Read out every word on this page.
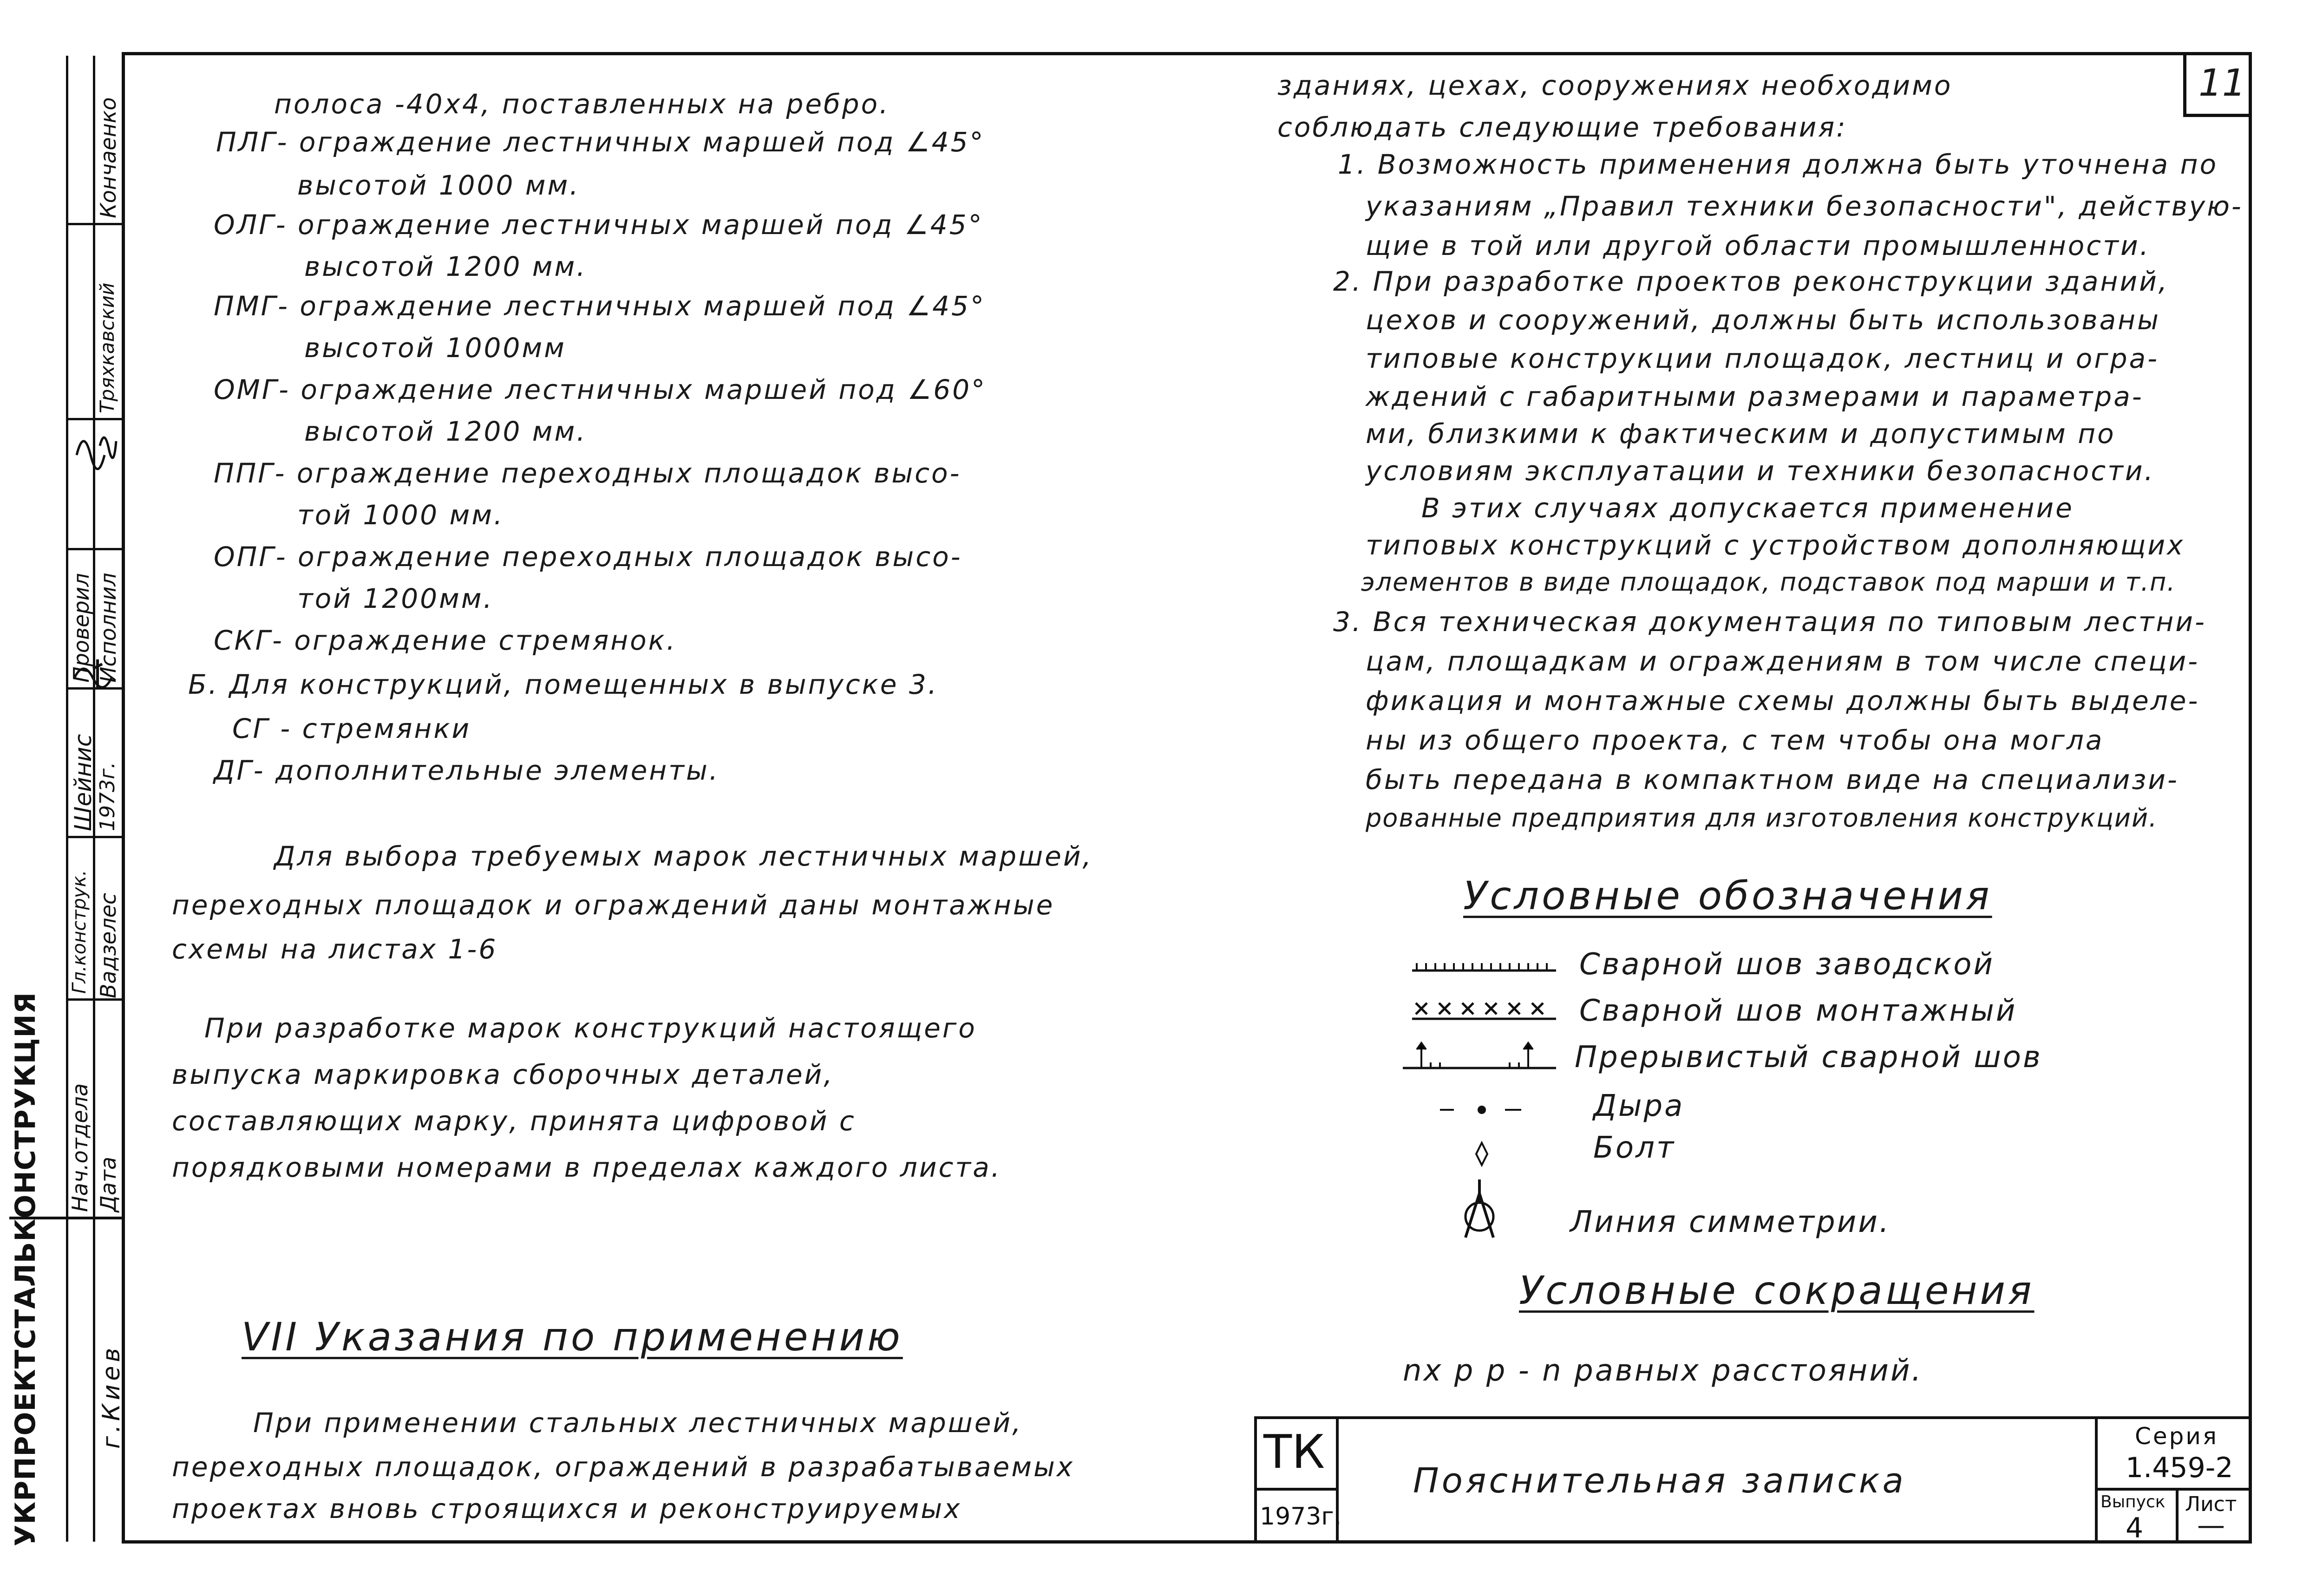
УКРПРОЕКТСТАЛЬКОНСТРУКЦИЯ г.Киев
Нач.отдела
Шейнис
Гл.конструк.
Проверил
Тряхкавский
Исполнил
Кончаенко
Дата
Вадзелес
1973г.
11
полоса -40х4, поставленных на ребро.
ПЛГ- ограждение лестничных маршей под ∠45°
высотой 1000 мм.
ОЛГ- ограждение лестничных маршей под ∠45°
высотой 1200 мм.
ПМГ- ограждение лестничных маршей под ∠45°
высотой 1000мм
ОМГ- ограждение лестничных маршей под ∠60°
высотой 1200 мм.
ППГ- ограждение переходных площадок высо-
той 1000 мм.
ОПГ- ограждение переходных площадок высо-
той 1200мм.
СКГ- ограждение стремянок.
Б. Для конструкций, помещенных в выпуске 3.
СГ - стремянки
ДГ- дополнительные элементы.
Для выбора требуемых марок лестничных маршей,
переходных площадок и ограждений даны монтажные
схемы на листах 1-6
При разработке марок конструкций настоящего
выпуска маркировка сборочных деталей,
составляющих марку, принята цифровой с
порядковыми номерами в пределах каждого листа.
VII Указания по применению
При применении стальных лестничных маршей,
переходных площадок, ограждений в разрабатываемых
проектах вновь строящихся и реконструируемых
зданиях, цехах, сооружениях необходимо
соблюдать следующие требования:
1. Возможность применения должна быть уточнена по
указаниям „Правил техники безопасности", действую-
щие в той или другой области промышленности.
2. При разработке проектов реконструкции зданий,
цехов и сооружений, должны быть использованы
типовые конструкции площадок, лестниц и огра-
ждений с габаритными размерами и параметра-
ми, близкими к фактическим и допустимым по
условиям эксплуатации и техники безопасности.
В этих случаях допускается применение
типовых конструкций с устройством дополняющих
элементов в виде площадок, подставок под марши и т.п.
3. Вся техническая документация по типовым лестни-
цам, площадкам и ограждениям в том числе специ-
фикация и монтажные схемы должны быть выделе-
ны из общего проекта, с тем чтобы она могла
быть передана в компактном виде на специализи-
рованные предприятия для изготовления конструкций.
Условные обозначения
Сварной шов заводской
Сварной шов монтажный
Прерывистый сварной шов
Дыра
Болт
Линия симметрии.
Условные сокращения
nх р р - n равных расстояний.
ТК
1973г.
Пояснительная записка
Серия
1.459-2
Выпуск
4
Лист
—
